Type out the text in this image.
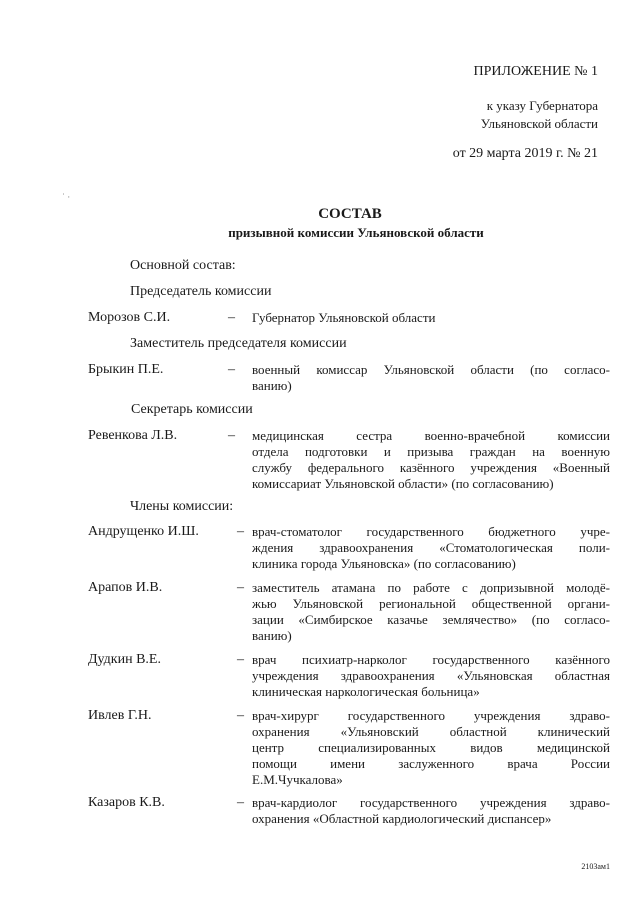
ПРИЛОЖЕНИЕ № 1
к указу Губернатора
Ульяновской области
от 29 марта 2019 г. № 21
˙ ·
СОСТАВ
призывной комиссии Ульяновской области
Основной состав:
Председатель комиссии
Морозов С.И.	– Губернатор Ульяновской области
Заместитель председателя комиссии
Брыкин П.Е.	– военный комиссар Ульяновской области (по согласо-
ванию)
Секретарь комиссии
Ревенкова Л.В.	– медицинская сестра военно-врачебной комиссии
отдела подготовки и призыва граждан на военную
службу федерального казённого учреждения «Военный
комиссариат Ульяновской области» (по согласованию)
Члены комиссии:
Андрущенко И.Ш.	– врач-стоматолог государственного бюджетного учре-
ждения здравоохранения «Стоматологическая поли-
клиника города Ульяновска» (по согласованию)
Арапов И.В.	– заместитель атамана по работе с допризывной молодё-
жью Ульяновской региональной общественной органи-
зации «Симбирское казачье землячество» (по согласо-
ванию)
Дудкин В.Е.	– врач психиатр-нарколог государственного казённого
учреждения здравоохранения «Ульяновская областная
клиническая наркологическая больница»
Ивлев Г.Н.	– врач-хирург государственного учреждения здраво-
охранения «Ульяновский областной клинический
центр специализированных видов медицинской
помощи имени заслуженного врача России
Е.М.Чучкалова»
Казаров К.В.	– врач-кардиолог государственного учреждения здраво-
охранения «Областной кардиологический диспансер»
2103ам1
